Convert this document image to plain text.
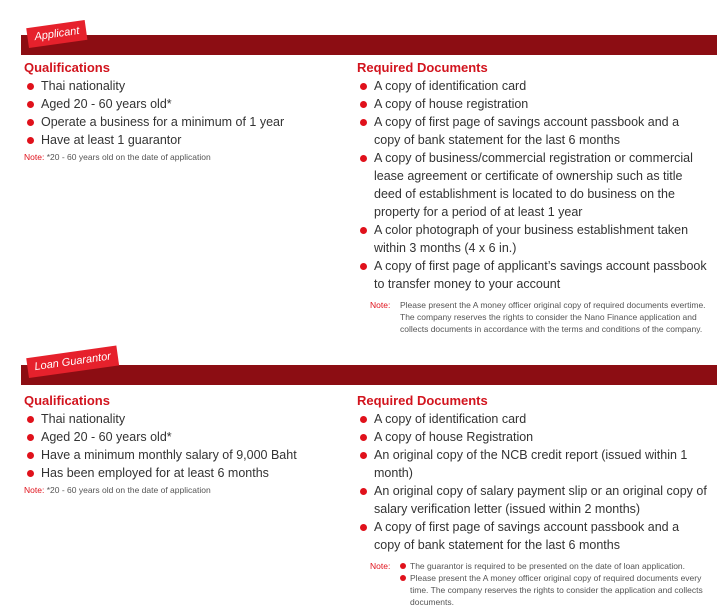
Applicant
Qualifications
Thai nationality
Aged 20 - 60 years old*
Operate a business for a minimum of 1 year
Have at least 1 guarantor
Note: *20 - 60 years old on the date of application
Required Documents
A copy of identification card
A copy of house registration
A copy of first page of savings account passbook and a copy of bank statement for the last 6 months
A copy of business/commercial registration or commercial lease agreement or certificate of ownership such as title deed of establishment is located to do business on the property for a period of at least 1 year
A color photograph of your business establishment taken within 3 months (4 x 6 in.)
A copy of first page of applicant’s savings account passbook to transfer money to your account
Note: Please present the A money officer original copy of required documents evertime. The company reserves the rights to consider the Nano Finance application and collects documents in accordance with the terms and conditions of the company.
Loan Guarantor
Qualifications
Thai nationality
Aged 20 - 60 years old*
Have a minimum monthly salary of 9,000 Baht
Has been employed for at least 6 months
Note: *20 - 60 years old on the date of application
Required Documents
A copy of identification card
A copy of house Registration
An original copy of the NCB credit report (issued within 1 month)
An original copy of salary payment slip or an original copy of salary verification letter (issued within 2 months)
A copy of first page of savings account passbook and a copy of bank statement for the last 6 months
Note:	The guarantor is required to be presented on the date of loan application.
Please present the A money officer original copy of required documents every time. The company reserves the rights to consider the application and collects documents.
